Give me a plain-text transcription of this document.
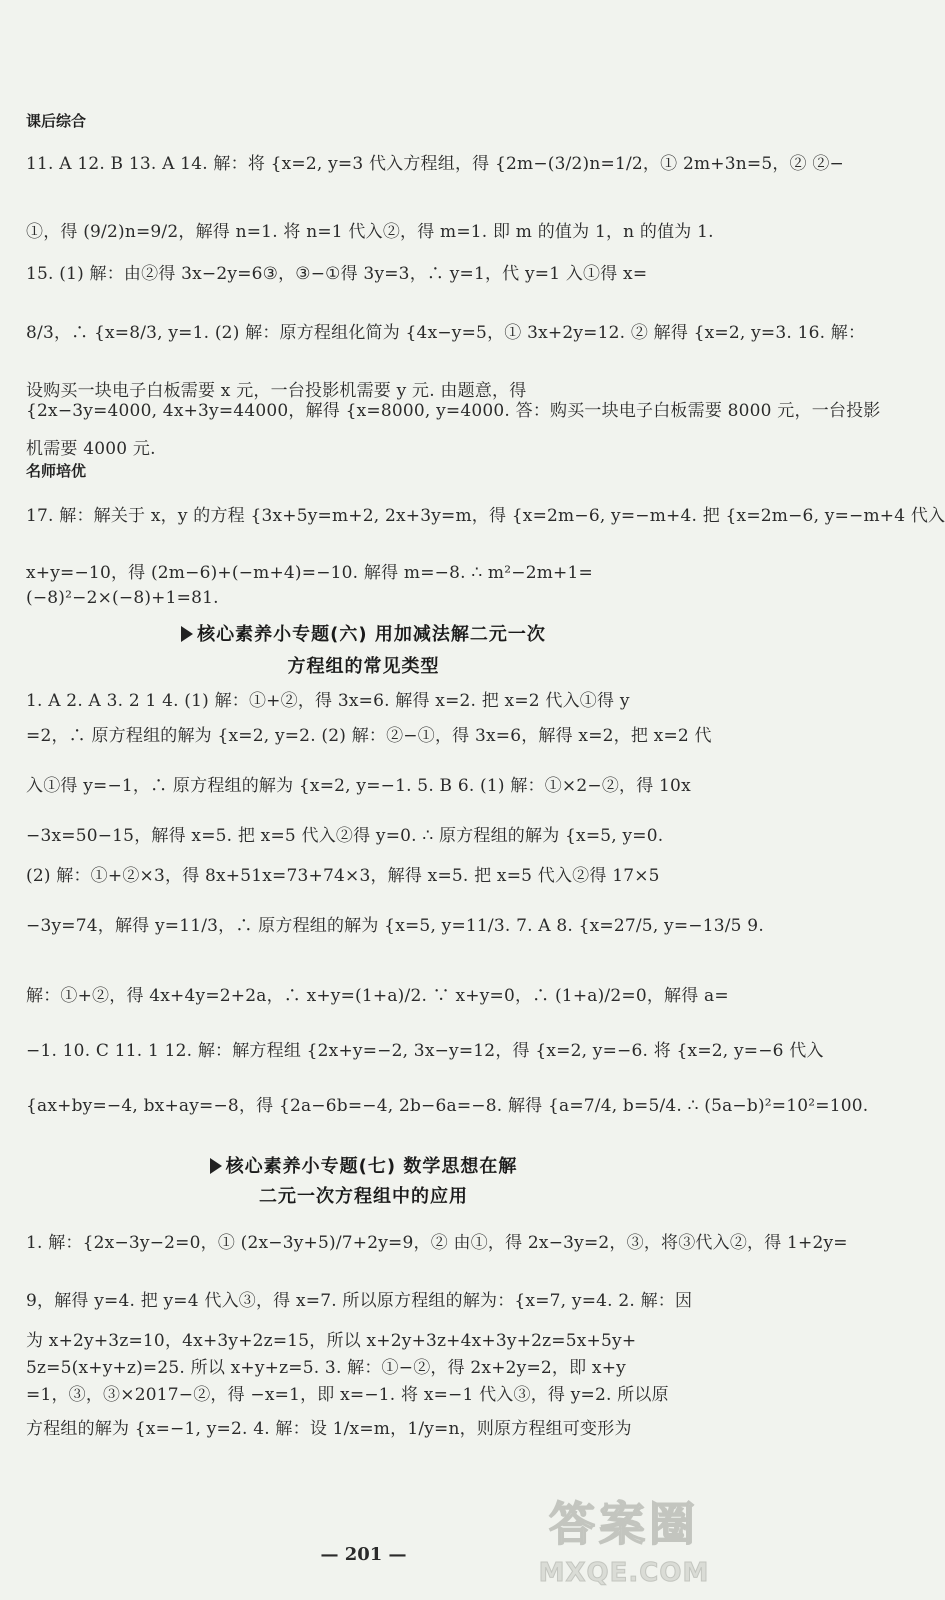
课后综合
11. A 12. B 13. A 14. 解：将 {x=2, y=3 代入方程组，得 {2m−(3/2)n=1/2，① 2m+3n=5，② ②−
①，得 (9/2)n=9/2，解得 n=1. 将 n=1 代入②，得 m=1. 即 m 的值为 1，n 的值为 1.
15. (1) 解：由②得 3x−2y=6③，③−①得 3y=3，∴ y=1，代 y=1 入①得 x=
8/3，∴ {x=8/3, y=1. (2) 解：原方程组化简为 {4x−y=5，① 3x+2y=12. ② 解得 {x=2, y=3. 16. 解：
设购买一块电子白板需要 x 元，一台投影机需要 y 元. 由题意，得
{2x−3y=4000, 4x+3y=44000，解得 {x=8000, y=4000. 答：购买一块电子白板需要 8000 元，一台投影
机需要 4000 元.
名师培优
17. 解：解关于 x，y 的方程 {3x+5y=m+2, 2x+3y=m，得 {x=2m−6, y=−m+4. 把 {x=2m−6, y=−m+4 代入
x+y=−10，得 (2m−6)+(−m+4)=−10. 解得 m=−8. ∴ m²−2m+1=
(−8)²−2×(−8)+1=81.
核心素养小专题(六) 用加减法解二元一次
方程组的常见类型
1. A 2. A 3. 2 1 4. (1) 解：①+②，得 3x=6. 解得 x=2. 把 x=2 代入①得 y
=2，∴ 原方程组的解为 {x=2, y=2. (2) 解：②−①，得 3x=6，解得 x=2，把 x=2 代
入①得 y=−1，∴ 原方程组的解为 {x=2, y=−1. 5. B 6. (1) 解：①×2−②，得 10x
−3x=50−15，解得 x=5. 把 x=5 代入②得 y=0. ∴ 原方程组的解为 {x=5, y=0.
(2) 解：①+②×3，得 8x+51x=73+74×3，解得 x=5. 把 x=5 代入②得 17×5
−3y=74，解得 y=11/3，∴ 原方程组的解为 {x=5, y=11/3. 7. A 8. {x=27/5, y=−13/5 9.
解：①+②，得 4x+4y=2+2a，∴ x+y=(1+a)/2. ∵ x+y=0，∴ (1+a)/2=0，解得 a=
−1. 10. C 11. 1 12. 解：解方程组 {2x+y=−2, 3x−y=12，得 {x=2, y=−6. 将 {x=2, y=−6 代入
{ax+by=−4, bx+ay=−8，得 {2a−6b=−4, 2b−6a=−8. 解得 {a=7/4, b=5/4. ∴ (5a−b)²=10²=100.
核心素养小专题(七) 数学思想在解
二元一次方程组中的应用
1. 解：{2x−3y−2=0，① (2x−3y+5)/7+2y=9，② 由①，得 2x−3y=2，③，将③代入②，得 1+2y=
9，解得 y=4. 把 y=4 代入③，得 x=7. 所以原方程组的解为：{x=7, y=4. 2. 解：因
为 x+2y+3z=10，4x+3y+2z=15，所以 x+2y+3z+4x+3y+2z=5x+5y+
5z=5(x+y+z)=25. 所以 x+y+z=5. 3. 解：①−②，得 2x+2y=2，即 x+y
=1，③，③×2017−②，得 −x=1，即 x=−1. 将 x=−1 代入③，得 y=2. 所以原
方程组的解为 {x=−1, y=2. 4. 解：设 1/x=m，1/y=n，则原方程组可变形为
— 201 —
答案圈
MXQE.COM
